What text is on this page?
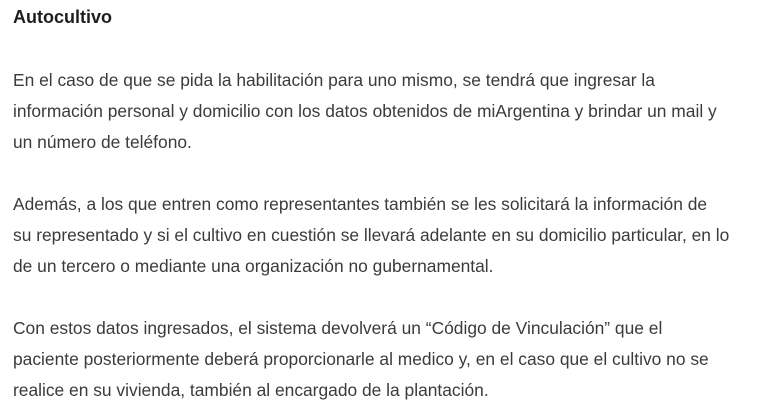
Autocultivo

En el caso de que se pida la habilitación para uno mismo, se tendrá que ingresar la
información personal y domicilio con los datos obtenidos de miArgentina y brindar un mail y
un número de teléfono.

Además, a los que entren como representantes también se les solicitará la información de
su representado y si el cultivo en cuestión se llevará adelante en su domicilio particular, en lo
de un tercero o mediante una organización no gubernamental.

Con estos datos ingresados, el sistema devolverá un “Código de Vinculación” que el
paciente posteriormente deberá proporcionarle al medico y, en el caso que el cultivo no se
realice en su vivienda, también al encargado de la plantación.
